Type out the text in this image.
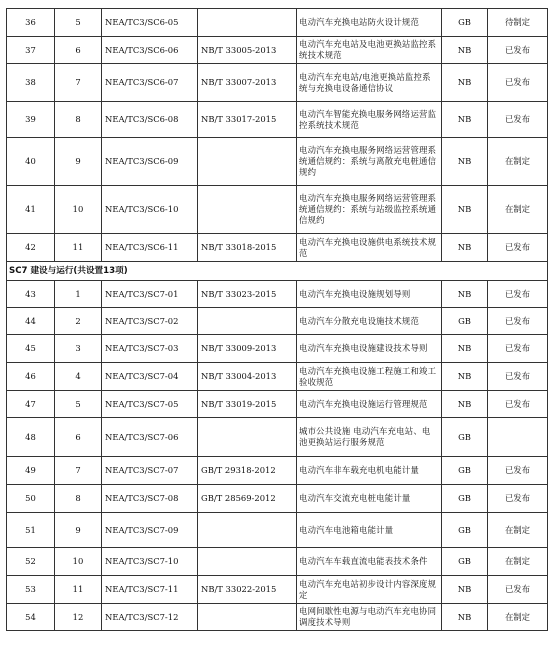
36	5	NEA/TC3/SC6-05		电动汽车充换电站防火设计规范	GB	待制定
37	6	NEA/TC3/SC6-06	NB/T 33005-2013	电动汽车充电站及电池更换站监控系统技术规范	NB	已发布
38	7	NEA/TC3/SC6-07	NB/T 33007-2013	电动汽车充电站/电池更换站监控系统与充换电设备通信协议	NB	已发布
39	8	NEA/TC3/SC6-08	NB/T 33017-2015	电动汽车智能充换电服务网络运营监控系统技术规范	NB	已发布
40	9	NEA/TC3/SC6-09		电动汽车充换电服务网络运营管理系统通信规约：系统与离散充电桩通信规约	NB	在制定
41	10	NEA/TC3/SC6-10		电动汽车充换电服务网络运营管理系统通信规约：系统与站级监控系统通信规约	NB	在制定
42	11	NEA/TC3/SC6-11	NB/T 33018-2015	电动汽车充换电设施供电系统技术规范	NB	已发布
SC7 建设与运行(共设置13项)						
43	1	NEA/TC3/SC7-01	NB/T 33023-2015	电动汽车充换电设施规划导则	NB	已发布
44	2	NEA/TC3/SC7-02		电动汽车分散充电设施技术规范	GB	已发布
45	3	NEA/TC3/SC7-03	NB/T 33009-2013	电动汽车充换电设施建设技术导则	NB	已发布
46	4	NEA/TC3/SC7-04	NB/T 33004-2013	电动汽车充换电设施工程施工和竣工验收规范	NB	已发布
47	5	NEA/TC3/SC7-05	NB/T 33019-2015	电动汽车充换电设施运行管理规范	NB	已发布
48	6	NEA/TC3/SC7-06		城市公共设施 电动汽车充电站、电池更换站运行服务规范	GB	
49	7	NEA/TC3/SC7-07	GB/T 29318-2012	电动汽车非车载充电机电能计量	GB	已发布
50	8	NEA/TC3/SC7-08	GB/T 28569-2012	电动汽车交流充电桩电能计量	GB	已发布
51	9	NEA/TC3/SC7-09		电动汽车电池箱电能计量	GB	在制定
52	10	NEA/TC3/SC7-10		电动汽车车载直流电能表技术条件	GB	在制定
53	11	NEA/TC3/SC7-11	NB/T 33022-2015	电动汽车充电站初步设计内容深度规定	NB	已发布
54	12	NEA/TC3/SC7-12		电网间歇性电源与电动汽车充电协同调度技术导则	NB	在制定
